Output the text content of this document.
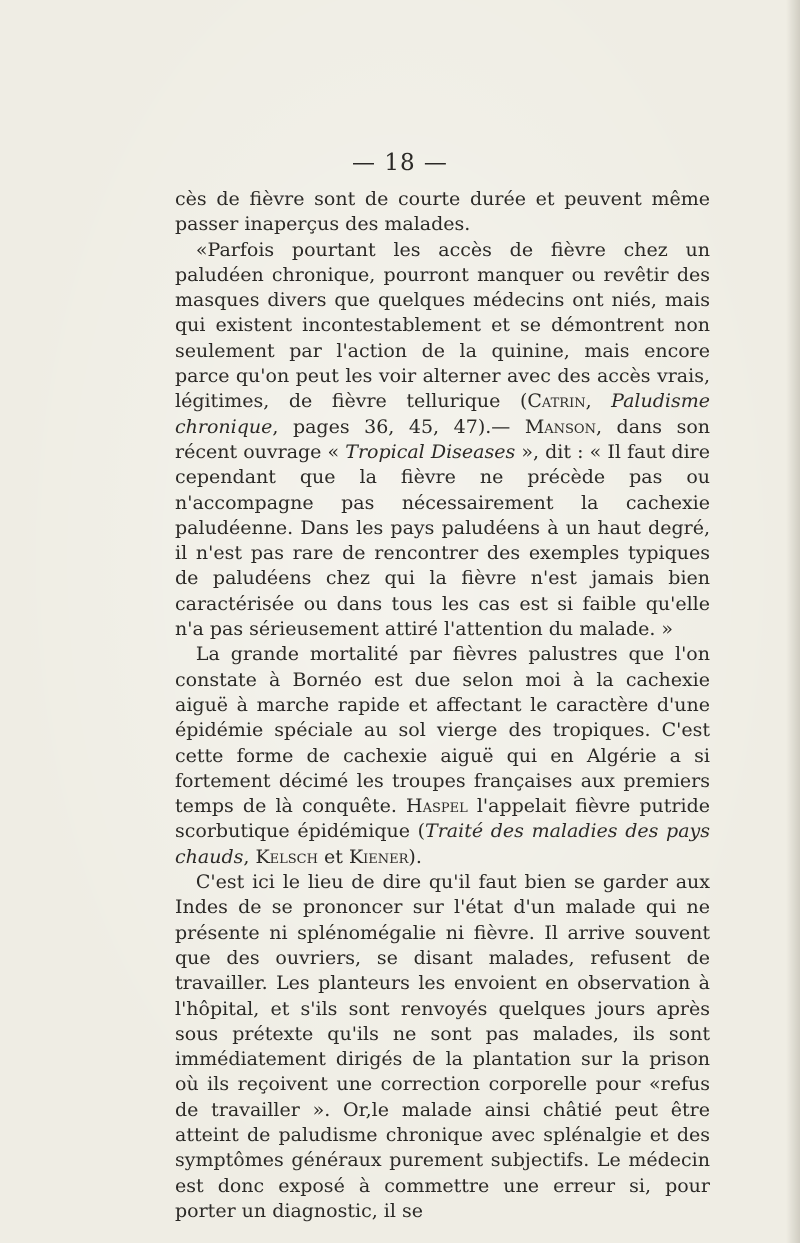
— 18 —

cès de fièvre sont de courte durée et peuvent même passer inaperçus des malades.

«Parfois pourtant les accès de fièvre chez un paludéen chronique, pourront manquer ou revêtir des masques divers que quelques médecins ont niés, mais qui existent incontestablement et se démontrent non seulement par l'action de la quinine, mais encore parce qu'on peut les voir alterner avec des accès vrais, légitimes, de fièvre tellurique (Catrin, Paludisme chronique, pages 36, 45, 47).— Manson, dans son récent ouvrage « Tropical Diseases », dit : « Il faut dire cependant que la fièvre ne précède pas ou n'accompagne pas nécessairement la cachexie paludéenne. Dans les pays paludéens à un haut degré, il n'est pas rare de rencontrer des exemples typiques de paludéens chez qui la fièvre n'est jamais bien caractérisée ou dans tous les cas est si faible qu'elle n'a pas sérieusement attiré l'attention du malade. »

La grande mortalité par fièvres palustres que l'on constate à Bornéo est due selon moi à la cachexie aiguë à marche rapide et affectant le caractère d'une épidémie spéciale au sol vierge des tropiques. C'est cette forme de cachexie aiguë qui en Algérie a si fortement décimé les troupes françaises aux premiers temps de là conquête. Haspel l'appelait fièvre putride scorbutique épidémique (Traité des maladies des pays chauds, Kelsch et Kiener).

C'est ici le lieu de dire qu'il faut bien se garder aux Indes de se prononcer sur l'état d'un malade qui ne présente ni splénomégalie ni fièvre. Il arrive souvent que des ouvriers, se disant malades, refusent de travailler. Les planteurs les envoient en observation à l'hôpital, et s'ils sont renvoyés quelques jours après sous prétexte qu'ils ne sont pas malades, ils sont immédiatement dirigés de la plantation sur la prison où ils reçoivent une correction corporelle pour «refus de travailler ». Or,le malade ainsi châtié peut être atteint de paludisme chronique avec splénalgie et des symptômes généraux purement subjectifs. Le médecin est donc exposé à commettre une erreur si, pour porter un diagnostic, il se
